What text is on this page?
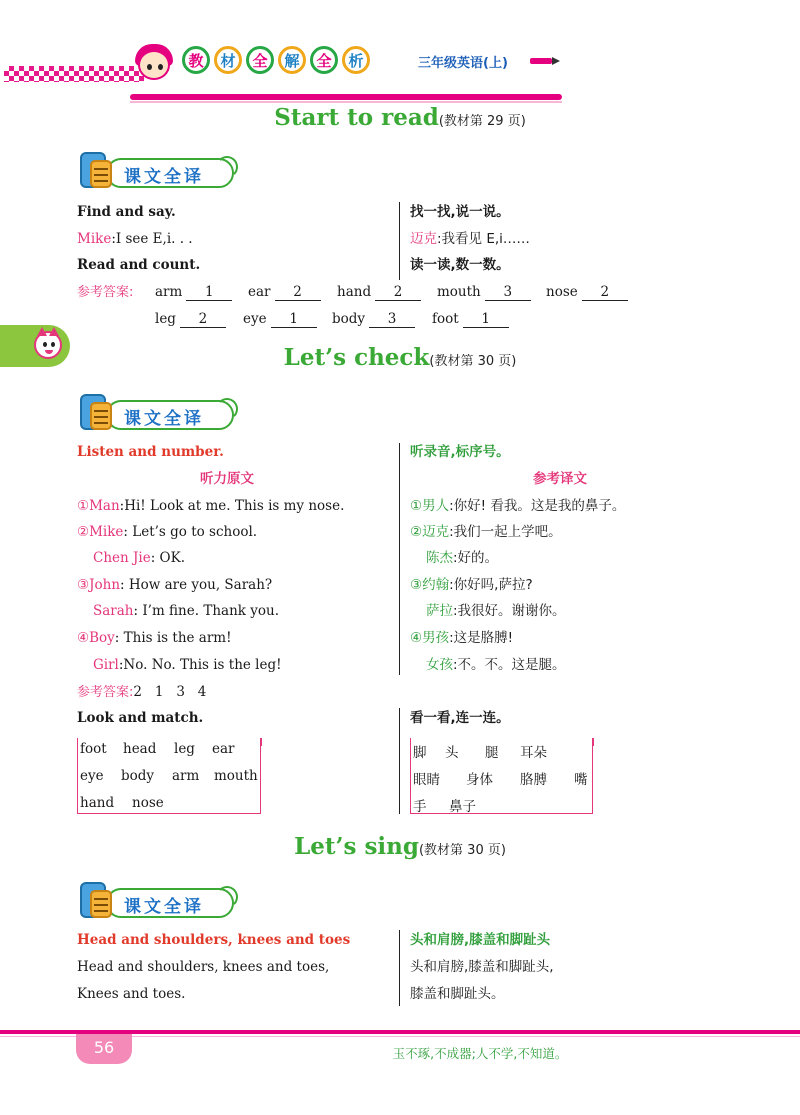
教	材	全	解	全	析	三年级英语(上)
Start to read(教材第 29 页)
课文全译
Find and say.
Mike:I see E,i. . .
Read and count.
找一找,说一说。
迈克:我看见 E,i……
读一读,数一数。
参考答案: arm 1	ear 2	hand 2	mouth 3	nose 2
leg 2	eye 1	body 3	foot 1
Let’s check(教材第 30 页)
课文全译
Listen and number.
听力原文
①Man:Hi! Look at me. This is my nose.
②Mike: Let’s go to school.
Chen Jie: OK.
③John: How are you, Sarah?
Sarah: I’m fine. Thank you.
④Boy: This is the arm!
Girl:No. No. This is the leg!
听录音,标序号。
参考译文
①男人:你好! 看我。这是我的鼻子。
②迈克:我们一起上学吧。
陈杰:好的。
③约翰:你好吗,萨拉?
萨拉:我很好。谢谢你。
④男孩:这是胳膊!
女孩:不。不。这是腿。
参考答案:2   1   3   4
Look and match.	看一看,连一连。
foot head leg ear
eye body arm mouth
hand nose
脚 头 腿 耳朵
眼睛 身体 胳膊 嘴
手 鼻子
Let’s sing(教材第 30 页)
课文全译
Head and shoulders, knees and toes
Head and shoulders, knees and toes,
Knees and toes.
头和肩膀,膝盖和脚趾头
头和肩膀,膝盖和脚趾头,
膝盖和脚趾头。
56	玉不琢,不成器;人不学,不知道。
